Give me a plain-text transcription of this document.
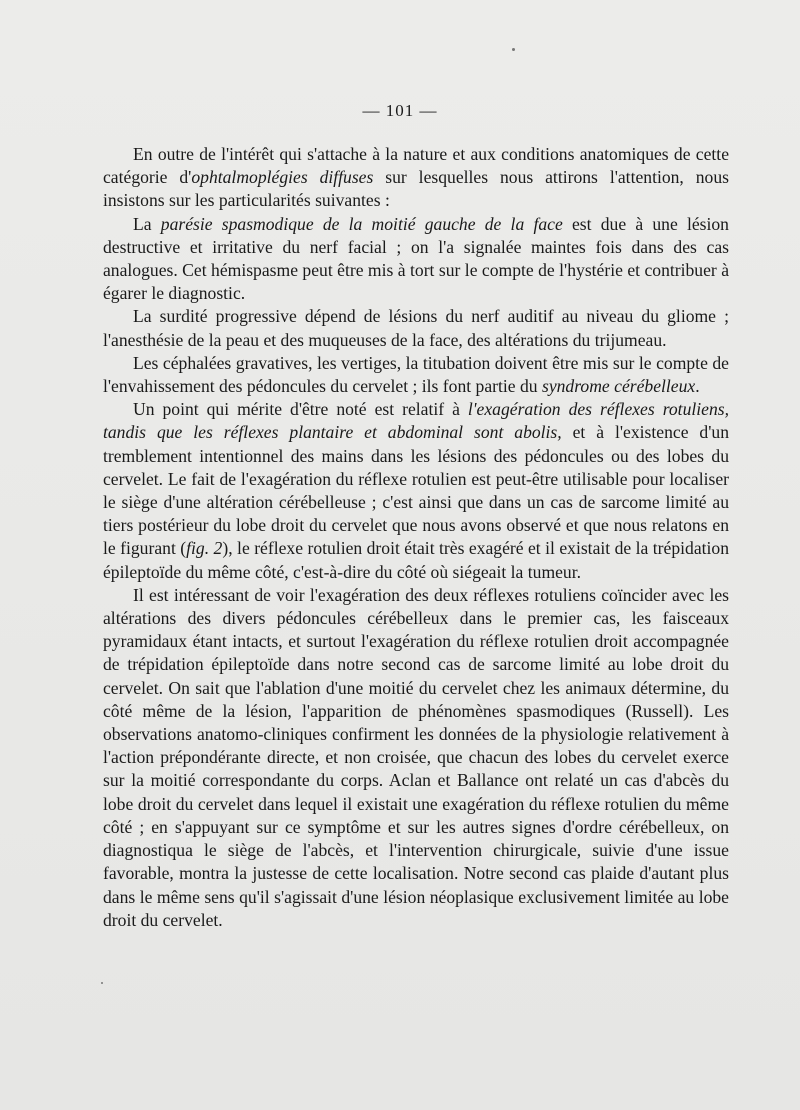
— 101 —

En outre de l'intérêt qui s'attache à la nature et aux conditions anatomiques de cette catégorie d'ophtalmoplégies diffuses sur lesquelles nous attirons l'attention, nous insistons sur les particularités suivantes :

La parésie spasmodique de la moitié gauche de la face est due à une lésion destructive et irritative du nerf facial ; on l'a signalée maintes fois dans des cas analogues. Cet hémispasme peut être mis à tort sur le compte de l'hystérie et contribuer à égarer le diagnostic.

La surdité progressive dépend de lésions du nerf auditif au niveau du gliome ; l'anesthésie de la peau et des muqueuses de la face, des altérations du trijumeau.

Les céphalées gravatives, les vertiges, la titubation doivent être mis sur le compte de l'envahissement des pédoncules du cervelet ; ils font partie du syndrome cérébelleux.

Un point qui mérite d'être noté est relatif à l'exagération des réflexes rotuliens, tandis que les réflexes plantaire et abdominal sont abolis, et à l'existence d'un tremblement intentionnel des mains dans les lésions des pédoncules ou des lobes du cervelet. Le fait de l'exagération du réflexe rotulien est peut-être utilisable pour localiser le siège d'une altération cérébelleuse ; c'est ainsi que dans un cas de sarcome limité au tiers postérieur du lobe droit du cervelet que nous avons observé et que nous relatons en le figurant (fig. 2), le réflexe rotulien droit était très exagéré et il existait de la trépidation épileptoïde du même côté, c'est-à-dire du côté où siégeait la tumeur.

Il est intéressant de voir l'exagération des deux réflexes rotuliens coïncider avec les altérations des divers pédoncules cérébelleux dans le premier cas, les faisceaux pyramidaux étant intacts, et surtout l'exagération du réflexe rotulien droit accompagnée de trépidation épileptoïde dans notre second cas de sarcome limité au lobe droit du cervelet. On sait que l'ablation d'une moitié du cervelet chez les animaux détermine, du côté même de la lésion, l'apparition de phénomènes spasmodiques (Russell). Les observations anatomo-cliniques confirment les données de la physiologie relativement à l'action prépondérante directe, et non croisée, que chacun des lobes du cervelet exerce sur la moitié correspondante du corps. Aclan et Ballance ont relaté un cas d'abcès du lobe droit du cervelet dans lequel il existait une exagération du réflexe rotulien du même côté ; en s'appuyant sur ce symptôme et sur les autres signes d'ordre cérébelleux, on diagnostiqua le siège de l'abcès, et l'intervention chirurgicale, suivie d'une issue favorable, montra la justesse de cette localisation. Notre second cas plaide d'autant plus dans le même sens qu'il s'agissait d'une lésion néoplasique exclusivement limitée au lobe droit du cervelet.
